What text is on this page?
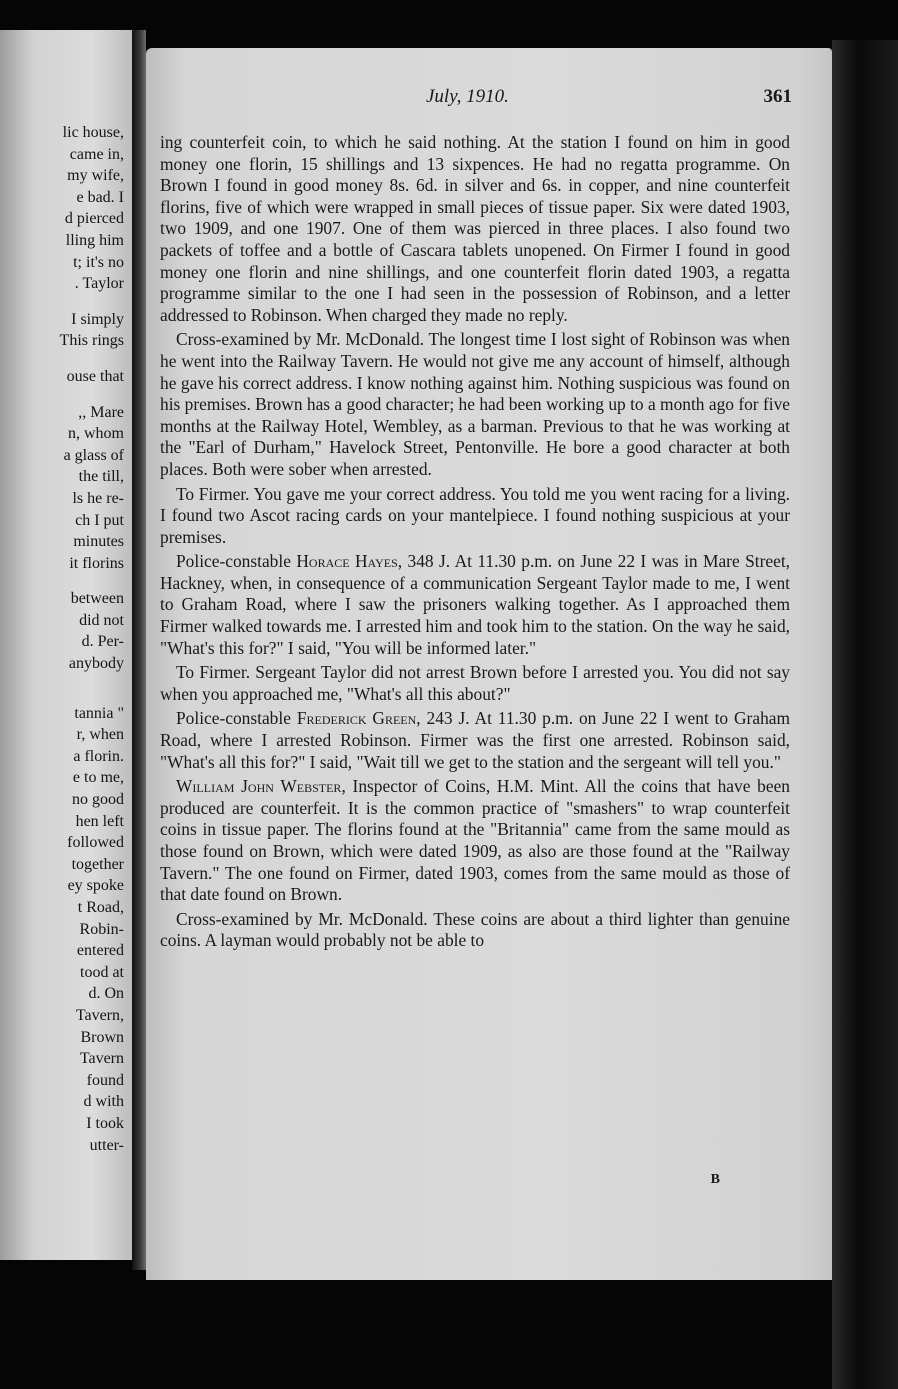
lic house,
came in,
my wife,
e bad. I
d pierced
lling him
t; it's no
. Taylor
I simply
This rings
ouse that
,, Mare
n, whom
a glass of
the till,
ls he re-
ch I put
minutes
it florins
between
did not
d. Per-
anybody
tannia "
r, when
a florin.
e to me,
no good
hen left
followed
together
ey spoke
t Road,
Robin-
entered
tood at
d. On
Tavern,
Brown
Tavern
found
d with
I took
utter-
July, 1910.	361

ing counterfeit coin, to which he said nothing. At the station I found on him in good money one florin, 15 shillings and 13 sixpences. He had no regatta programme. On Brown I found in good money 8s. 6d. in silver and 6s. in copper, and nine counterfeit florins, five of which were wrapped in small pieces of tissue paper. Six were dated 1903, two 1909, and one 1907. One of them was pierced in three places. I also found two packets of toffee and a bottle of Cascara tablets unopened. On Firmer I found in good money one florin and nine shillings, and one counterfeit florin dated 1903, a regatta programme similar to the one I had seen in the possession of Robinson, and a letter addressed to Robinson. When charged they made no reply.

Cross-examined by Mr. McDonald. The longest time I lost sight of Robinson was when he went into the Railway Tavern. He would not give me any account of himself, although he gave his correct address. I know nothing against him. Nothing suspicious was found on his premises. Brown has a good character; he had been working up to a month ago for five months at the Railway Hotel, Wembley, as a barman. Previous to that he was working at the "Earl of Durham," Havelock Street, Pentonville. He bore a good character at both places. Both were sober when arrested.

To Firmer. You gave me your correct address. You told me you went racing for a living. I found two Ascot racing cards on your mantelpiece. I found nothing suspicious at your premises.

Police-constable Horace Hayes, 348 J. At 11.30 p.m. on June 22 I was in Mare Street, Hackney, when, in consequence of a communication Sergeant Taylor made to me, I went to Graham Road, where I saw the prisoners walking together. As I approached them Firmer walked towards me. I arrested him and took him to the station. On the way he said, "What's this for?" I said, "You will be informed later."

To Firmer. Sergeant Taylor did not arrest Brown before I arrested you. You did not say when you approached me, "What's all this about?"

Police-constable Frederick Green, 243 J. At 11.30 p.m. on June 22 I went to Graham Road, where I arrested Robinson. Firmer was the first one arrested. Robinson said, "What's all this for?" I said, "Wait till we get to the station and the sergeant will tell you."

William John Webster, Inspector of Coins, H.M. Mint. All the coins that have been produced are counterfeit. It is the common practice of "smashers" to wrap counterfeit coins in tissue paper. The florins found at the "Britannia" came from the same mould as those found on Brown, which were dated 1909, as also are those found at the "Railway Tavern." The one found on Firmer, dated 1903, comes from the same mould as those of that date found on Brown.

Cross-examined by Mr. McDonald. These coins are about a third lighter than genuine coins. A layman would probably not be able to

B
